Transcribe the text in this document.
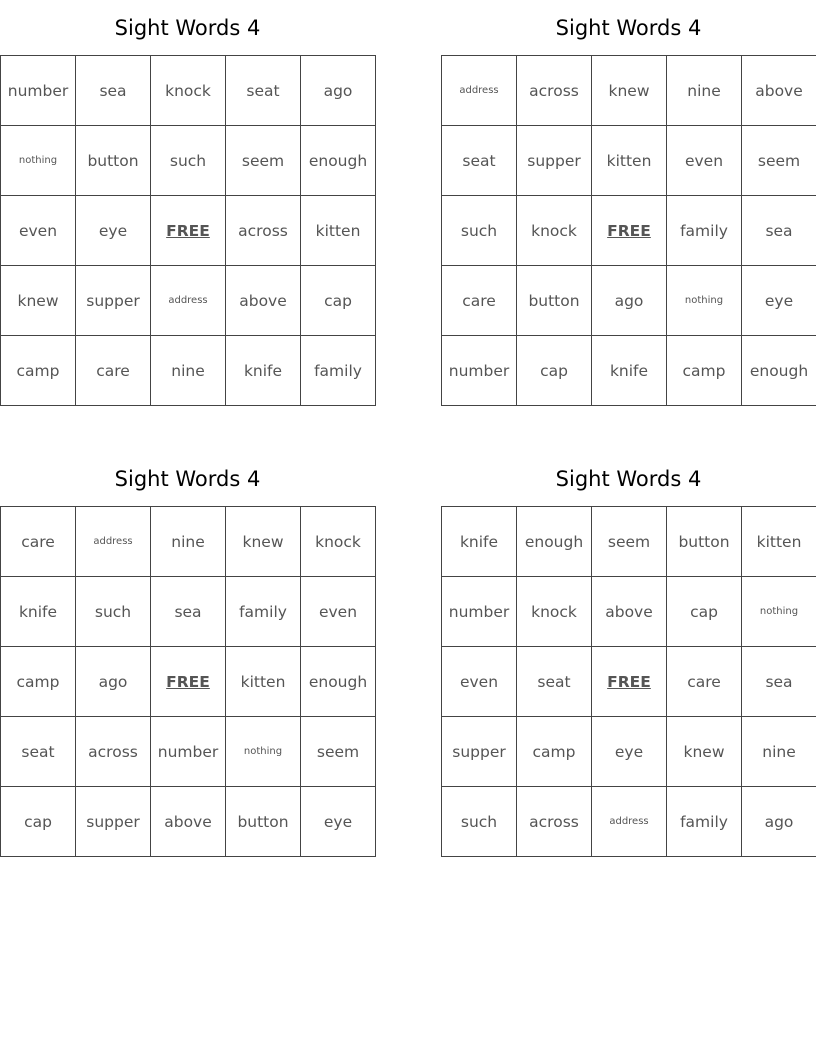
Sight Words 4
number	sea	knock	seat	ago
nothing	button	such	seem	enough
even	eye	FREE	across	kitten
knew	supper	address	above	cap
camp	care	nine	knife	family
Sight Words 4
address	across	knew	nine	above
seat	supper	kitten	even	seem
such	knock	FREE	family	sea
care	button	ago	nothing	eye
number	cap	knife	camp	enough
Sight Words 4
care	address	nine	knew	knock
knife	such	sea	family	even
camp	ago	FREE	kitten	enough
seat	across	number	nothing	seem
cap	supper	above	button	eye
Sight Words 4
knife	enough	seem	button	kitten
number	knock	above	cap	nothing
even	seat	FREE	care	sea
supper	camp	eye	knew	nine
such	across	address	family	ago
